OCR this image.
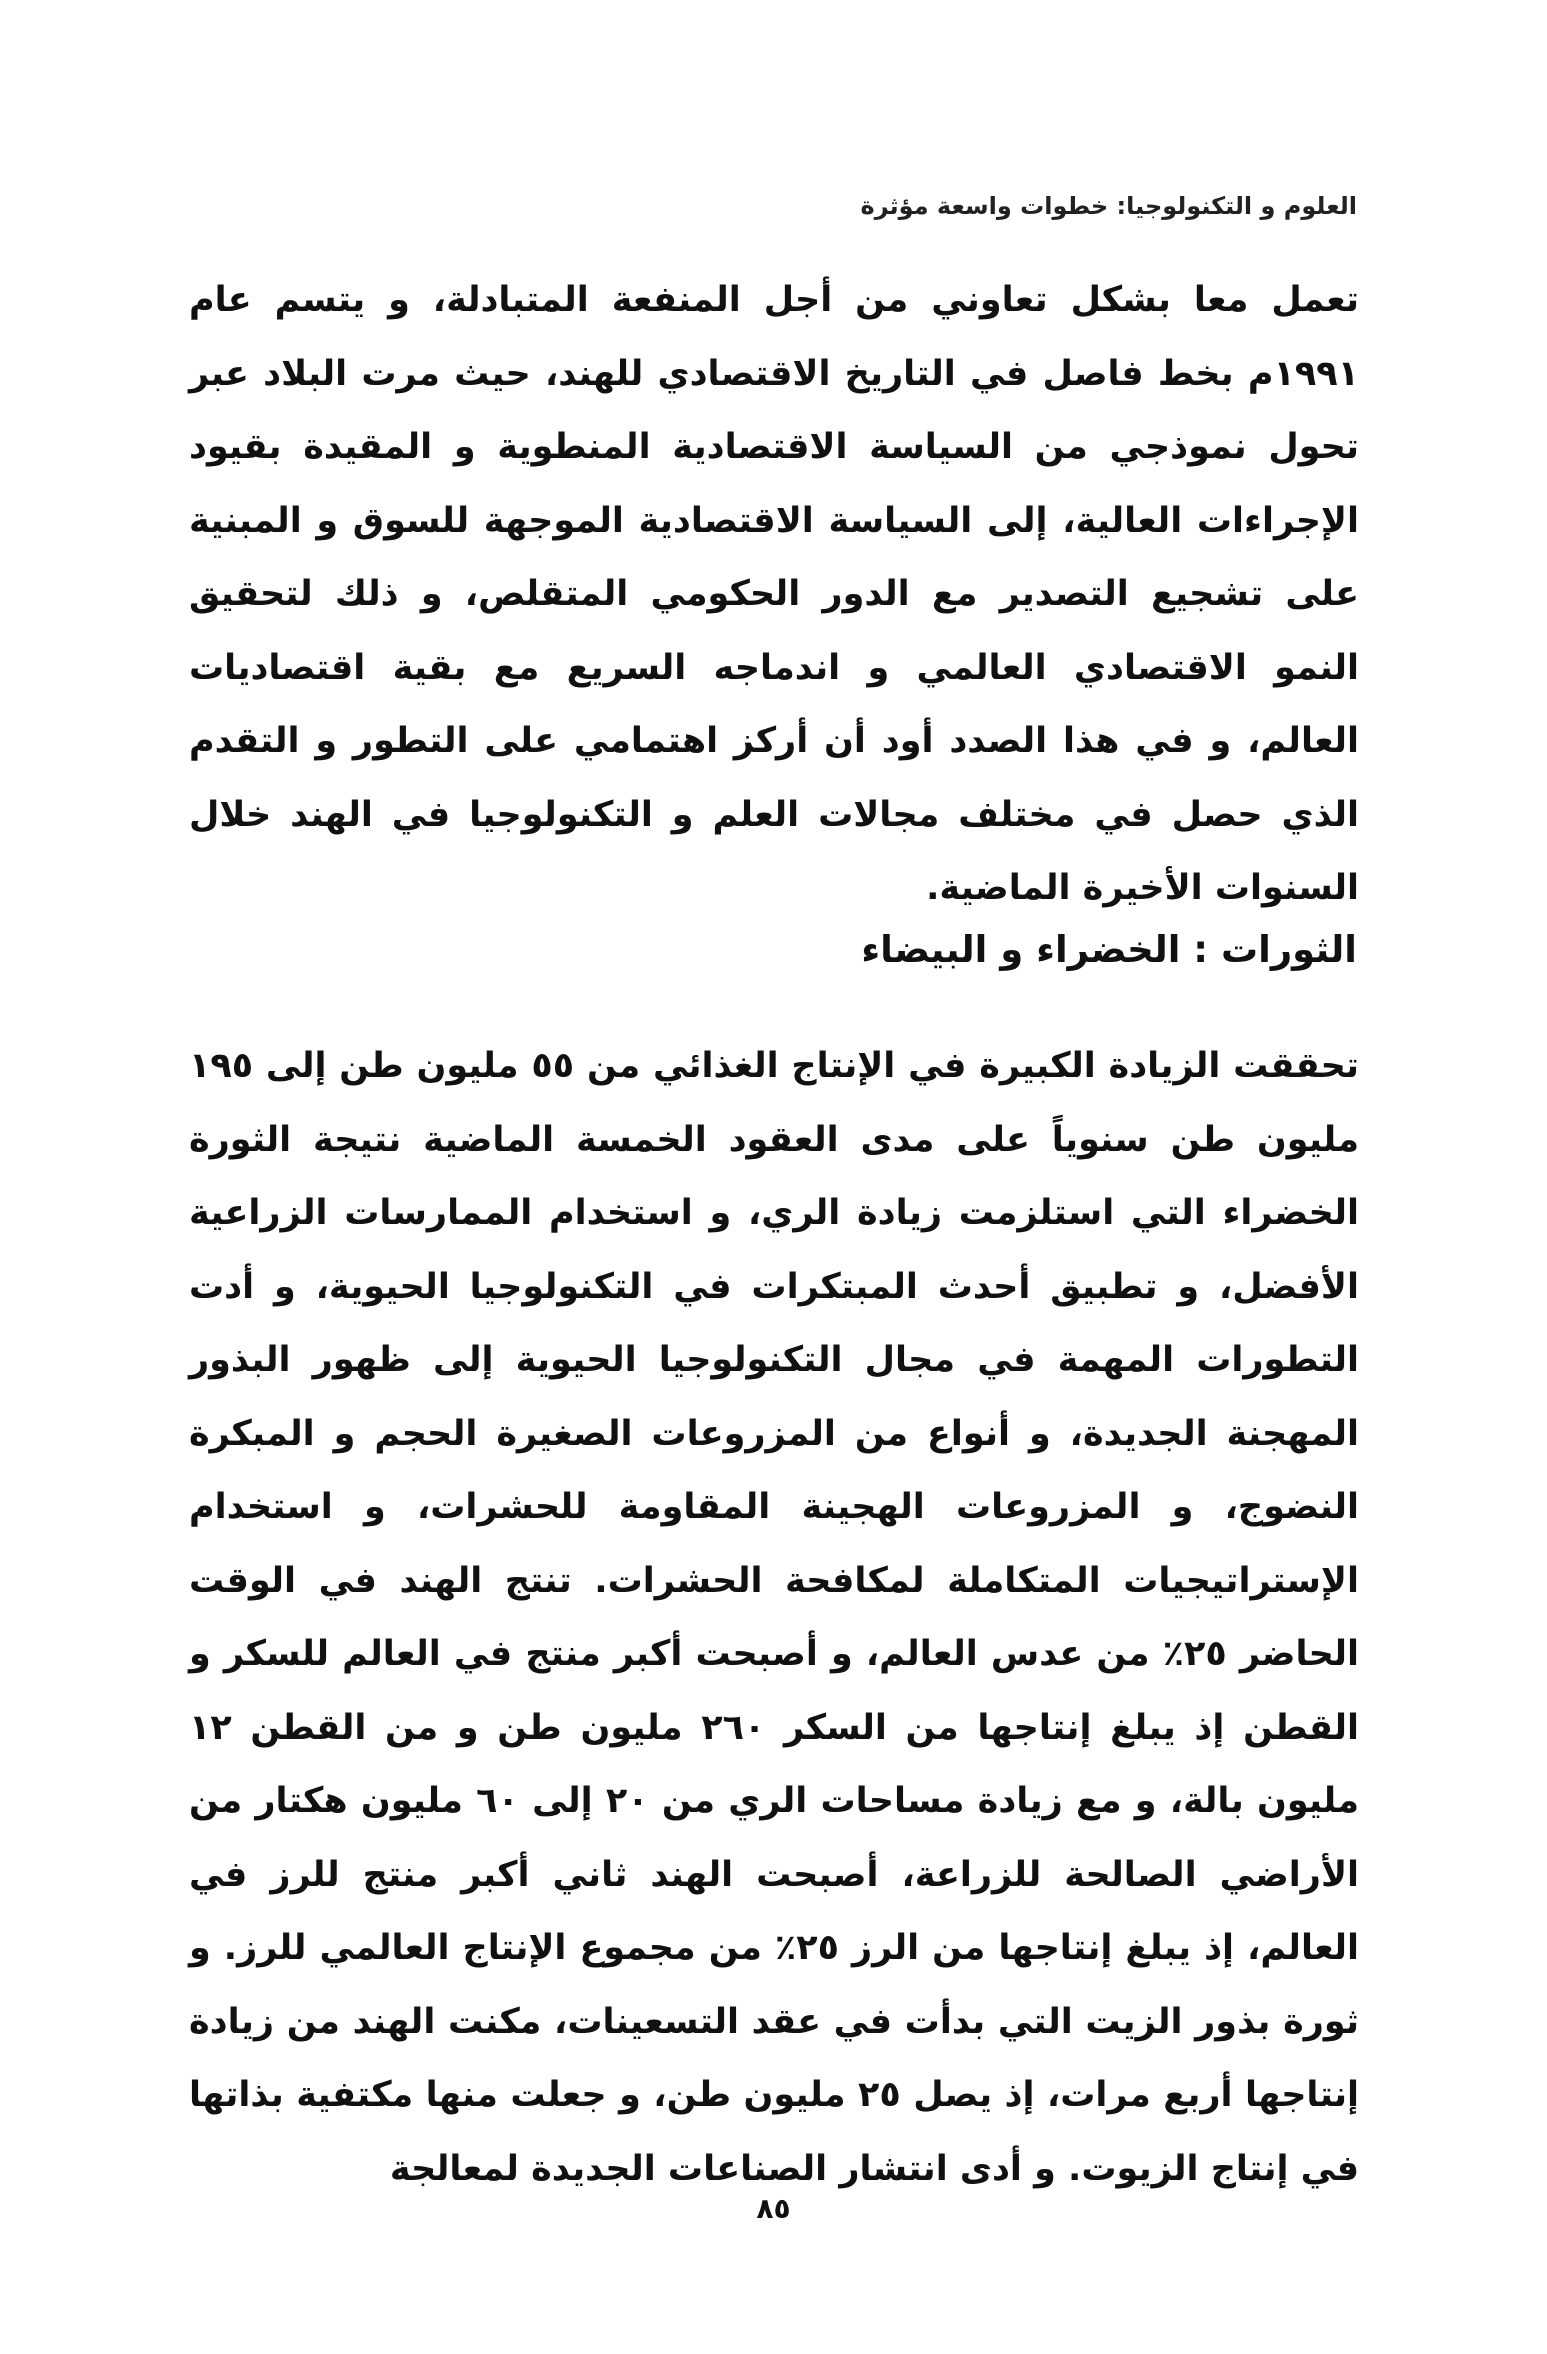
العلوم و التكنولوجيا: خطوات واسعة مؤثرة

تعمل معا بشكل تعاوني من أجل المنفعة المتبادلة، و يتسم عام ١٩٩١م بخط فاصل في التاريخ الاقتصادي للهند، حيث مرت البلاد عبر تحول نموذجي من السياسة الاقتصادية المنطوية و المقيدة بقيود الإجراءات العالية، إلى السياسة الاقتصادية الموجهة للسوق و المبنية على تشجيع التصدير مع الدور الحكومي المتقلص، و ذلك لتحقيق النمو الاقتصادي العالمي و اندماجه السريع مع بقية اقتصاديات العالم، و في هذا الصدد أود أن أركز اهتمامي على التطور و التقدم الذي حصل في مختلف مجالات العلم و التكنولوجيا في الهند خلال السنوات الأخيرة الماضية.

الثورات : الخضراء و البيضاء

تحققت الزيادة الكبيرة في الإنتاج الغذائي من ٥٥ مليون طن إلى ١٩٥ مليون طن سنوياً على مدى العقود الخمسة الماضية نتيجة الثورة الخضراء التي استلزمت زيادة الري، و استخدام الممارسات الزراعية الأفضل، و تطبيق أحدث المبتكرات في التكنولوجيا الحيوية، و أدت التطورات المهمة في مجال التكنولوجيا الحيوية إلى ظهور البذور المهجنة الجديدة، و أنواع من المزروعات الصغيرة الحجم و المبكرة النضوج، و المزروعات الهجينة المقاومة للحشرات، و استخدام الإستراتيجيات المتكاملة لمكافحة الحشرات. تنتج الهند في الوقت الحاضر ٢٥٪ من عدس العالم، و أصبحت أكبر منتج في العالم للسكر و القطن إذ يبلغ إنتاجها من السكر ٢٦٠ مليون طن و من القطن ١٢ مليون بالة، و مع زيادة مساحات الري من ٢٠ إلى ٦٠ مليون هكتار من الأراضي الصالحة للزراعة، أصبحت الهند ثاني أكبر منتج للرز في العالم، إذ يبلغ إنتاجها من الرز ٢٥٪ من مجموع الإنتاج العالمي للرز. و ثورة بذور الزيت التي بدأت في عقد التسعينات، مكنت الهند من زيادة إنتاجها أربع مرات، إذ يصل ٢٥ مليون طن، و جعلت منها مكتفية بذاتها في إنتاج الزيوت. و أدى انتشار الصناعات الجديدة لمعالجة

٨٥
